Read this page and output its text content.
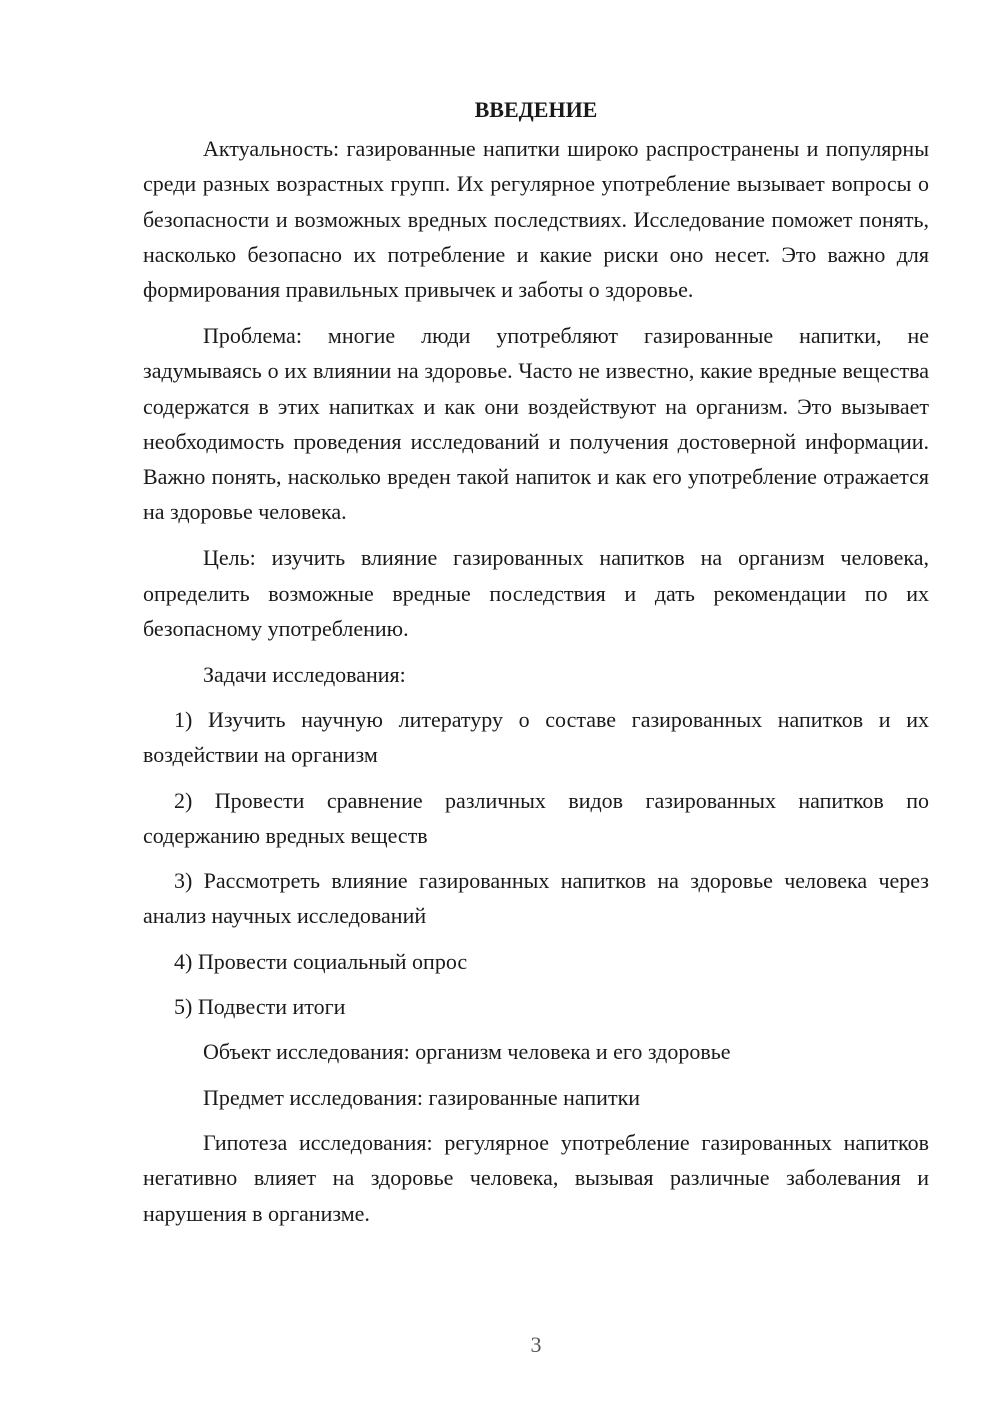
ВВЕДЕНИЕ

Актуальность: газированные напитки широко распространены и популярны среди разных возрастных групп. Их регулярное употребление вызывает вопросы о безопасности и возможных вредных последствиях. Исследование поможет понять, насколько безопасно их потребление и какие риски оно несет. Это важно для формирования правильных привычек и заботы о здоровье.

Проблема: многие люди употребляют газированные напитки, не задумываясь о их влиянии на здоровье. Часто не известно, какие вредные вещества содержатся в этих напитках и как они воздействуют на организм. Это вызывает необходимость проведения исследований и получения достоверной информации. Важно понять, насколько вреден такой напиток и как его употребление отражается на здоровье человека.

Цель: изучить влияние газированных напитков на организм человека, определить возможные вредные последствия и дать рекомендации по их безопасному употреблению.

Задачи исследования:

1) Изучить научную литературу о составе газированных напитков и их воздействии на организм

2) Провести сравнение различных видов газированных напитков по содержанию вредных веществ

3) Рассмотреть влияние газированных напитков на здоровье человека через анализ научных исследований

4) Провести социальный опрос

5) Подвести итоги

Объект исследования: организм человека и его здоровье

Предмет исследования: газированные напитки

Гипотеза исследования: регулярное употребление газированных напитков негативно влияет на здоровье человека, вызывая различные заболевания и нарушения в организме.

3
